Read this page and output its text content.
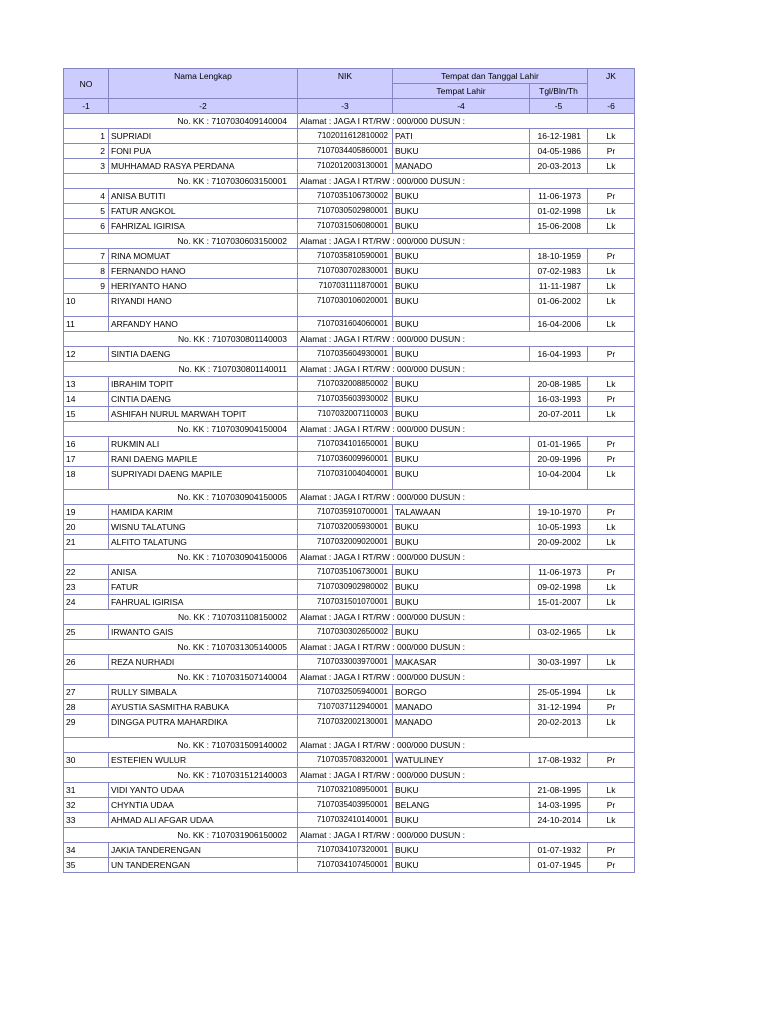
NO	Nama Lengkap	NIK	Tempat dan Tanggal Lahir		JK
			Tempat Lahir	Tgl/Bln/Th	
-1	-2	-3	-4	-5	-6
No. KK : 7107030409140004		Alamat : JAGA I RT/RW : 000/000 DUSUN :			
1	SUPRIADI	7102011612810002	PATI	16-12-1981	Lk
2	FONI PUA	7107034405860001	BUKU	04-05-1986	Pr
3	MUHHAMAD RASYA PERDANA	7102012003130001	MANADO	20-03-2013	Lk
No. KK : 7107030603150001		Alamat : JAGA I RT/RW : 000/000 DUSUN :			
4	ANISA BUTITI	7107035106730002	BUKU	11-06-1973	Pr
5	FATUR ANGKOL	7107030502980001	BUKU	01-02-1998	Lk
6	FAHRIZAL IGIRISA	7107031506080001	BUKU	15-06-2008	Lk
No. KK : 7107030603150002		Alamat : JAGA I RT/RW : 000/000 DUSUN :			
7	RINA MOMUAT	7107035810590001	BUKU	18-10-1959	Pr
8	FERNANDO HANO	7107030702830001	BUKU	07-02-1983	Lk
9	HERIYANTO HANO	7107031111870001	BUKU	11-11-1987	Lk
10	RIYANDI HANO	7107030106020001	BUKU	01-06-2002	Lk
11	ARFANDY HANO	7107031604060001	BUKU	16-04-2006	Lk
No. KK : 7107030801140003		Alamat : JAGA I RT/RW : 000/000 DUSUN :			
12	SINTIA DAENG	7107035604930001	BUKU	16-04-1993	Pr
No. KK : 7107030801140011		Alamat : JAGA I RT/RW : 000/000 DUSUN :			
13	IBRAHIM TOPIT	7107032008850002	BUKU	20-08-1985	Lk
14	CINTIA DAENG	7107035603930002	BUKU	16-03-1993	Pr
15	ASHIFAH NURUL MARWAH TOPIT	7107032007110003	BUKU	20-07-2011	Lk
No. KK : 7107030904150004		Alamat : JAGA I RT/RW : 000/000 DUSUN :			
16	RUKMIN ALI	7107034101650001	BUKU	01-01-1965	Pr
17	RANI DAENG MAPILE	7107036009960001	BUKU	20-09-1996	Pr
18	SUPRIYADI DAENG MAPILE	7107031004040001	BUKU	10-04-2004	Lk
No. KK : 7107030904150005		Alamat : JAGA I RT/RW : 000/000 DUSUN :			
19	HAMIDA KARIM	7107035910700001	TALAWAAN	19-10-1970	Pr
20	WISNU TALATUNG	7107032005930001	BUKU	10-05-1993	Lk
21	ALFITO TALATUNG	7107032009020001	BUKU	20-09-2002	Lk
No. KK : 7107030904150006		Alamat : JAGA I RT/RW : 000/000 DUSUN :			
22	ANISA	7107035106730001	BUKU	11-06-1973	Pr
23	FATUR	7107030902980002	BUKU	09-02-1998	Lk
24	FAHRUAL IGIRISA	7107031501070001	BUKU	15-01-2007	Lk
No. KK : 7107031108150002		Alamat : JAGA I RT/RW : 000/000 DUSUN :			
25	IRWANTO GAIS	7107030302650002	BUKU	03-02-1965	Lk
No. KK : 7107031305140005		Alamat : JAGA I RT/RW : 000/000 DUSUN :			
26	REZA NURHADI	7107033003970001	MAKASAR	30-03-1997	Lk
No. KK : 7107031507140004		Alamat : JAGA I RT/RW : 000/000 DUSUN :			
27	RULLY SIMBALA	7107032505940001	BORGO	25-05-1994	Lk
28	AYUSTIA SASMITHA RABUKA	7107037112940001	MANADO	31-12-1994	Pr
29	DINGGA PUTRA MAHARDIKA	7107032002130001	MANADO	20-02-2013	Lk
No. KK : 7107031509140002		Alamat : JAGA I RT/RW : 000/000 DUSUN :			
30	ESTEFIEN WULUR	7107035708320001	WATULINEY	17-08-1932	Pr
No. KK : 7107031512140003		Alamat : JAGA I RT/RW : 000/000 DUSUN :			
31	VIDI YANTO UDAA	7107032108950001	BUKU	21-08-1995	Lk
32	CHYNTIA UDAA	7107035403950001	BELANG	14-03-1995	Pr
33	AHMAD ALI AFGAR UDAA	7107032410140001	BUKU	24-10-2014	Lk
No. KK : 7107031906150002		Alamat : JAGA I RT/RW : 000/000 DUSUN :			
34	JAKIA TANDERENGAN	7107034107320001	BUKU	01-07-1932	Pr
35	UN TANDERENGAN	7107034107450001	BUKU	01-07-1945	Pr
